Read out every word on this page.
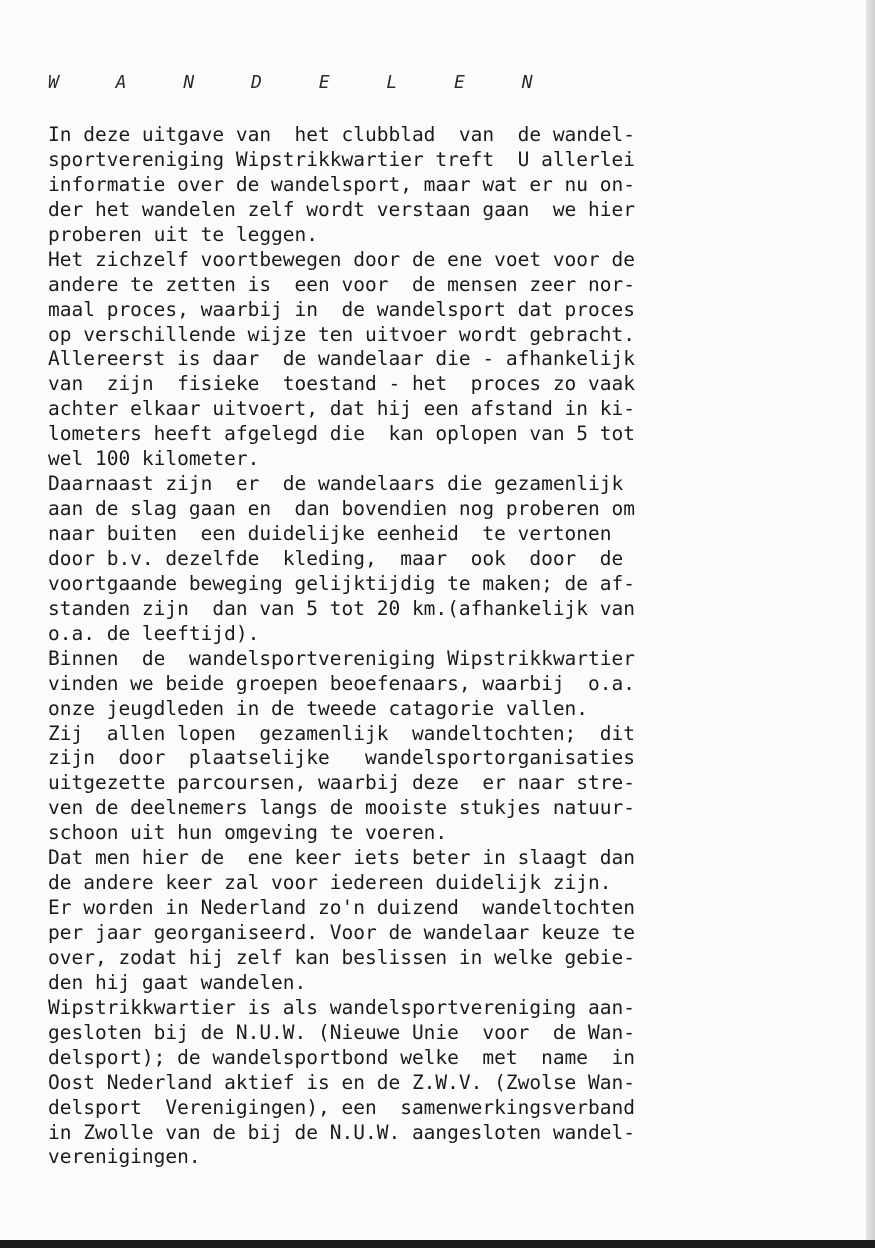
W A N D E L E N
In deze uitgave van  het clubblad  van  de wandel-
sportvereniging Wipstrikkwartier treft  U allerlei
informatie over de wandelsport, maar wat er nu on-
der het wandelen zelf wordt verstaan gaan  we hier
proberen uit te leggen.
Het zichzelf voortbewegen door de ene voet voor de
andere te zetten is  een voor  de mensen zeer nor-
maal proces, waarbij in  de wandelsport dat proces
op verschillende wijze ten uitvoer wordt gebracht.
Allereerst is daar  de wandelaar die - afhankelijk
van  zijn  fisieke  toestand - het  proces zo vaak
achter elkaar uitvoert, dat hij een afstand in ki-
lometers heeft afgelegd die  kan oplopen van 5 tot
wel 100 kilometer.
Daarnaast zijn  er  de wandelaars die gezamenlijk
aan de slag gaan en  dan bovendien nog proberen om
naar buiten  een duidelijke eenheid  te vertonen
door b.v. dezelfde  kleding,  maar  ook  door  de
voortgaande beweging gelijktijdig te maken; de af-
standen zijn  dan van 5 tot 20 km.(afhankelijk van
o.a. de leeftijd).
Binnen  de  wandelsportvereniging Wipstrikkwartier
vinden we beide groepen beoefenaars, waarbij  o.a.
onze jeugdleden in de tweede catagorie vallen.
Zij  allen lopen  gezamenlijk  wandeltochten;  dit
zijn  door  plaatselijke   wandelsportorganisaties
uitgezette parcoursen, waarbij deze  er naar stre-
ven de deelnemers langs de mooiste stukjes natuur-
schoon uit hun omgeving te voeren.
Dat men hier de  ene keer iets beter in slaagt dan
de andere keer zal voor iedereen duidelijk zijn.
Er worden in Nederland zo'n duizend  wandeltochten
per jaar georganiseerd. Voor de wandelaar keuze te
over, zodat hij zelf kan beslissen in welke gebie-
den hij gaat wandelen.
Wipstrikkwartier is als wandelsportvereniging aan-
gesloten bij de N.U.W. (Nieuwe Unie  voor  de Wan-
delsport); de wandelsportbond welke  met  name  in
Oost Nederland aktief is en de Z.W.V. (Zwolse Wan-
delsport  Verenigingen), een  samenwerkingsverband
in Zwolle van de bij de N.U.W. aangesloten wandel-
verenigingen.
